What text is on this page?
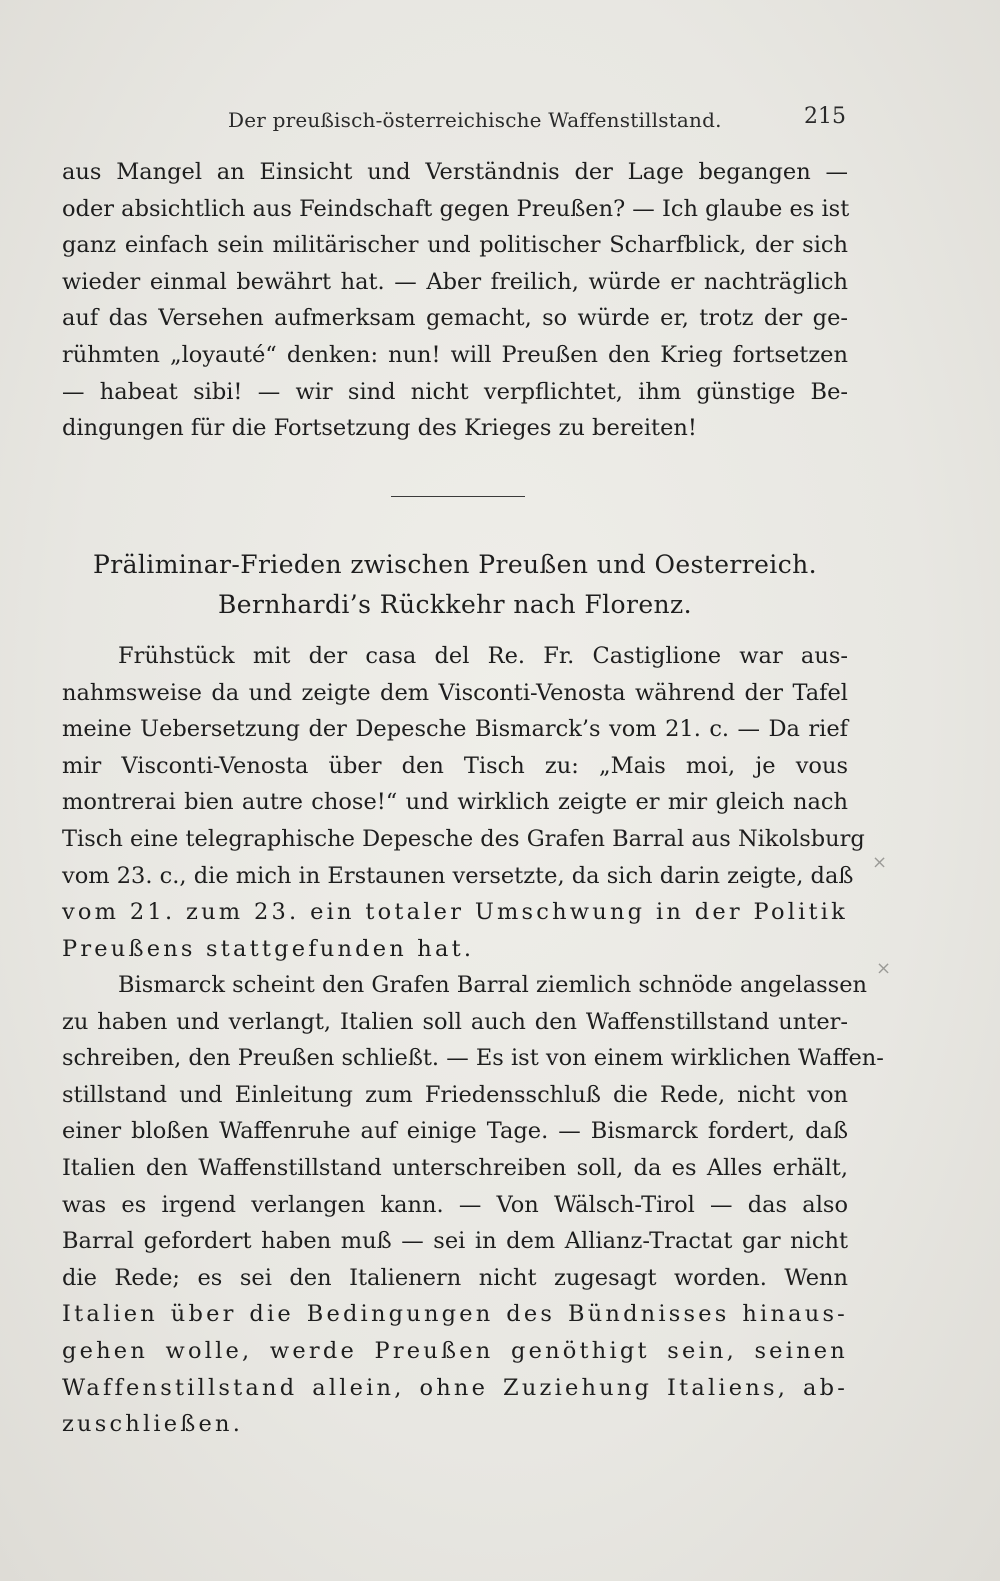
Der preußisch-österreichische Waffenstillstand.	215
aus Mangel an Einsicht und Verständnis der Lage begangen —
oder absichtlich aus Feindschaft gegen Preußen? — Ich glaube es ist
ganz einfach sein militärischer und politischer Scharfblick, der sich
wieder einmal bewährt hat. — Aber freilich, würde er nachträglich
auf das Versehen aufmerksam gemacht, so würde er, trotz der ge-
rühmten „loyauté“ denken: nun! will Preußen den Krieg fortsetzen
— habeat sibi! — wir sind nicht verpflichtet, ihm günstige Be-
dingungen für die Fortsetzung des Krieges zu bereiten!
Präliminar-Frieden zwischen Preußen und Oesterreich.
Bernhardi’s Rückkehr nach Florenz.
Frühstück mit der casa del Re. Fr. Castiglione war aus-
nahmsweise da und zeigte dem Visconti-Venosta während der Tafel
meine Uebersetzung der Depesche Bismarck’s vom 21. c. — Da rief
mir Visconti-Venosta über den Tisch zu: „Mais moi, je vous
montrerai bien autre chose!“ und wirklich zeigte er mir gleich nach
Tisch eine telegraphische Depesche des Grafen Barral aus Nikolsburg
vom 23. c., die mich in Erstaunen versetzte, da sich darin zeigte, daß
vom 21. zum 23. ein totaler Umschwung in der Politik
Preußens stattgefunden hat.
Bismarck scheint den Grafen Barral ziemlich schnöde angelassen
zu haben und verlangt, Italien soll auch den Waffenstillstand unter-
schreiben, den Preußen schließt. — Es ist von einem wirklichen Waffen-
stillstand und Einleitung zum Friedensschluß die Rede, nicht von
einer bloßen Waffenruhe auf einige Tage. — Bismarck fordert, daß
Italien den Waffenstillstand unterschreiben soll, da es Alles erhält,
was es irgend verlangen kann. — Von Wälsch-Tirol — das also
Barral gefordert haben muß — sei in dem Allianz-Tractat gar nicht
die Rede; es sei den Italienern nicht zugesagt worden. Wenn
Italien über die Bedingungen des Bündnisses hinaus-
gehen wolle, werde Preußen genöthigt sein, seinen
Waffenstillstand allein, ohne Zuziehung Italiens, ab-
zuschließen.
×
×
